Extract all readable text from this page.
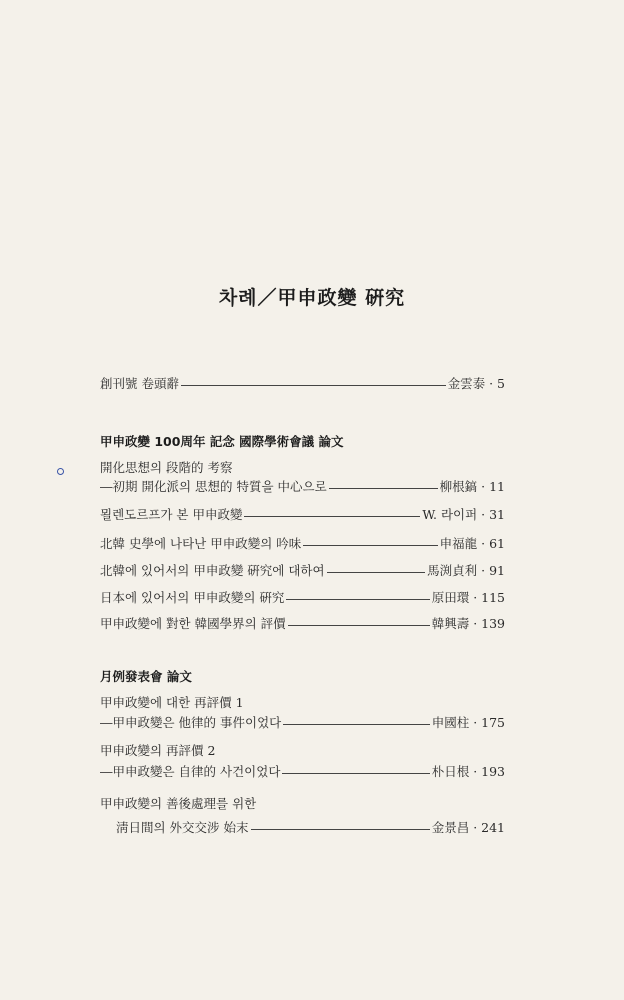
차례／甲申政變 硏究
創刊號 卷頭辭	金雲泰 · 5
甲申政變 100周年 記念 國際學術會議 論文
開化思想의 段階的 考察
―初期 開化派의 思想的 特質을 中心으로	柳根鎬 · 11
묄렌도르프가 본 甲申政變	W. 라이퍼 · 31
北韓 史學에 나타난 甲申政變의 吟味	申福龍 · 61
北韓에 있어서의 甲申政變 硏究에 대하여	馬渕貞利 · 91
日本에 있어서의 甲申政變의 硏究	原田環 · 115
甲申政變에 對한 韓國學界의 評價	韓興壽 · 139
月例發表會 論文
甲申政變에 대한 再評價 1
―甲申政變은 他律的 事件이었다	申國柱 · 175
甲申政變의 再評價 2
―甲申政變은 自律的 사건이었다	朴日根 · 193
甲申政變의 善後處理를 위한
淸日間의 外交交涉 始末	金景昌 · 241
